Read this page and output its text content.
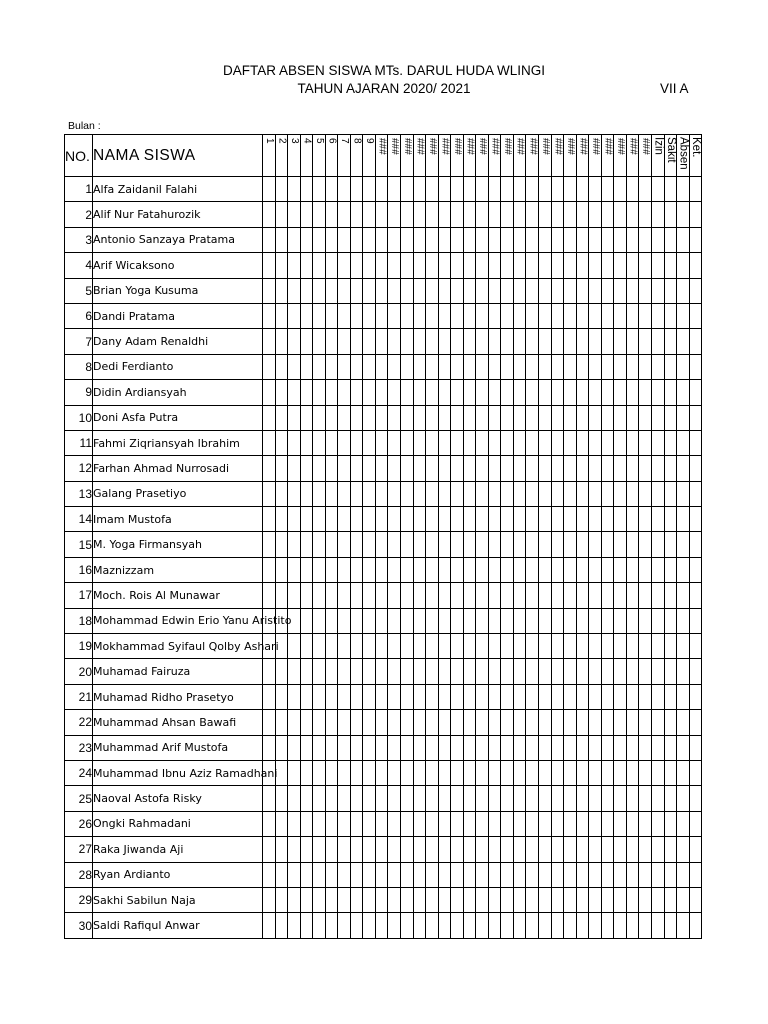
DAFTAR ABSEN SISWA MTs. DARUL HUDA WLINGI
TAHUN AJARAN 2020/ 2021	VII A
Bulan :
NO.	NAMA SISWA	1	2	3	4	5	6	7	8	9	###	###	###	###	###	###	###	###	###	###	###	###	###	###	###	###	###	###	###	###	###	###	Izin	Sakit	Absen	Ket.

1	Alfa Zaidanil Falahi																																			
2	Alif Nur Fatahurozik																																			
3	Antonio Sanzaya Pratama																																			
4	Arif Wicaksono																																			
5	Brian Yoga Kusuma																																			
6	Dandi Pratama																																			
7	Dany Adam Renaldhi																																			
8	Dedi Ferdianto																																			
9	Didin Ardiansyah																																			
10	Doni Asfa Putra																																			
11	Fahmi Ziqriansyah Ibrahim																																			
12	Farhan Ahmad Nurrosadi																																			
13	Galang Prasetiyo																																			
14	Imam Mustofa																																			
15	M. Yoga Firmansyah																																			
16	Maznizzam																																			
17	Moch. Rois Al Munawar																																			
18	Mohammad Edwin Erio Yanu Aristito																																			
19	Mokhammad Syifaul Qolby Ashari																																			
20	Muhamad Fairuza																																			
21	Muhamad Ridho Prasetyo																																			
22	Muhammad Ahsan Bawafi																																			
23	Muhammad Arif Mustofa																																			
24	Muhammad Ibnu Aziz Ramadhani																																			
25	Naoval Astofa Risky																																			
26	Ongki Rahmadani																																			
27	Raka Jiwanda Aji																																			
28	Ryan Ardianto																																			
29	Sakhi Sabilun Naja																																			
30	Saldi Rafiqul Anwar																																			
